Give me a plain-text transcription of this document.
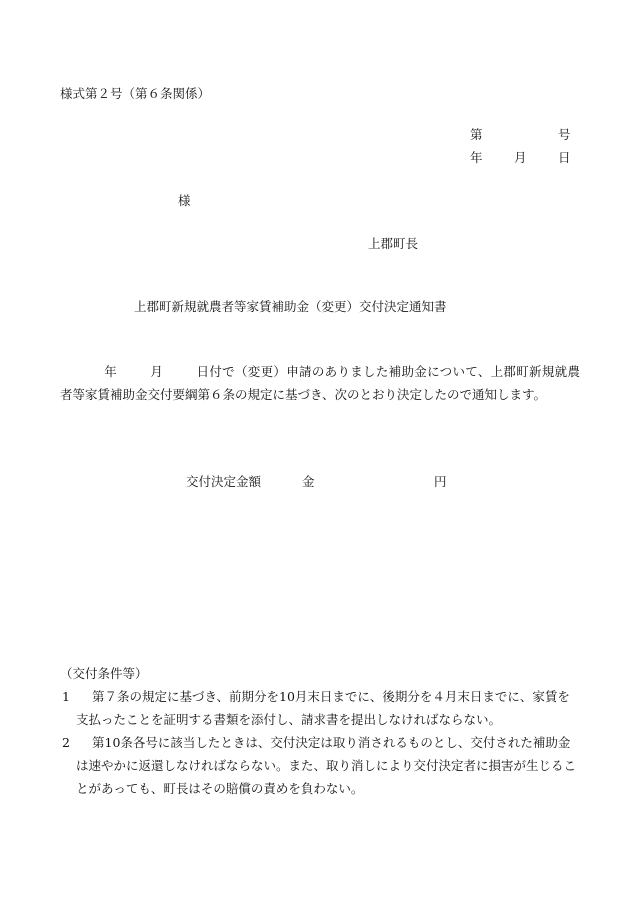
様式第２号（第６条関係）
第	号
年	月	日
様
上郡町長
上郡町新規就農者等家賃補助金（変更）交付決定通知書
年	月	日付で（変更）申請のありました補助金について、上郡町新規就農者等家賃補助金交付要綱第６条の規定に基づき、次のとおり決定したので通知します。
交付決定金額	金	円
（交付条件等）
1 第７条の規定に基づき、前期分を10月末日までに、後期分を４月末日までに、家賃を支払ったことを証明する書類を添付し、請求書を提出しなければならない。
2 第10条各号に該当したときは、交付決定は取り消されるものとし、交付された補助金は速やかに返還しなければならない。また、取り消しにより交付決定者に損害が生じることがあっても、町長はその賠償の責めを負わない。
